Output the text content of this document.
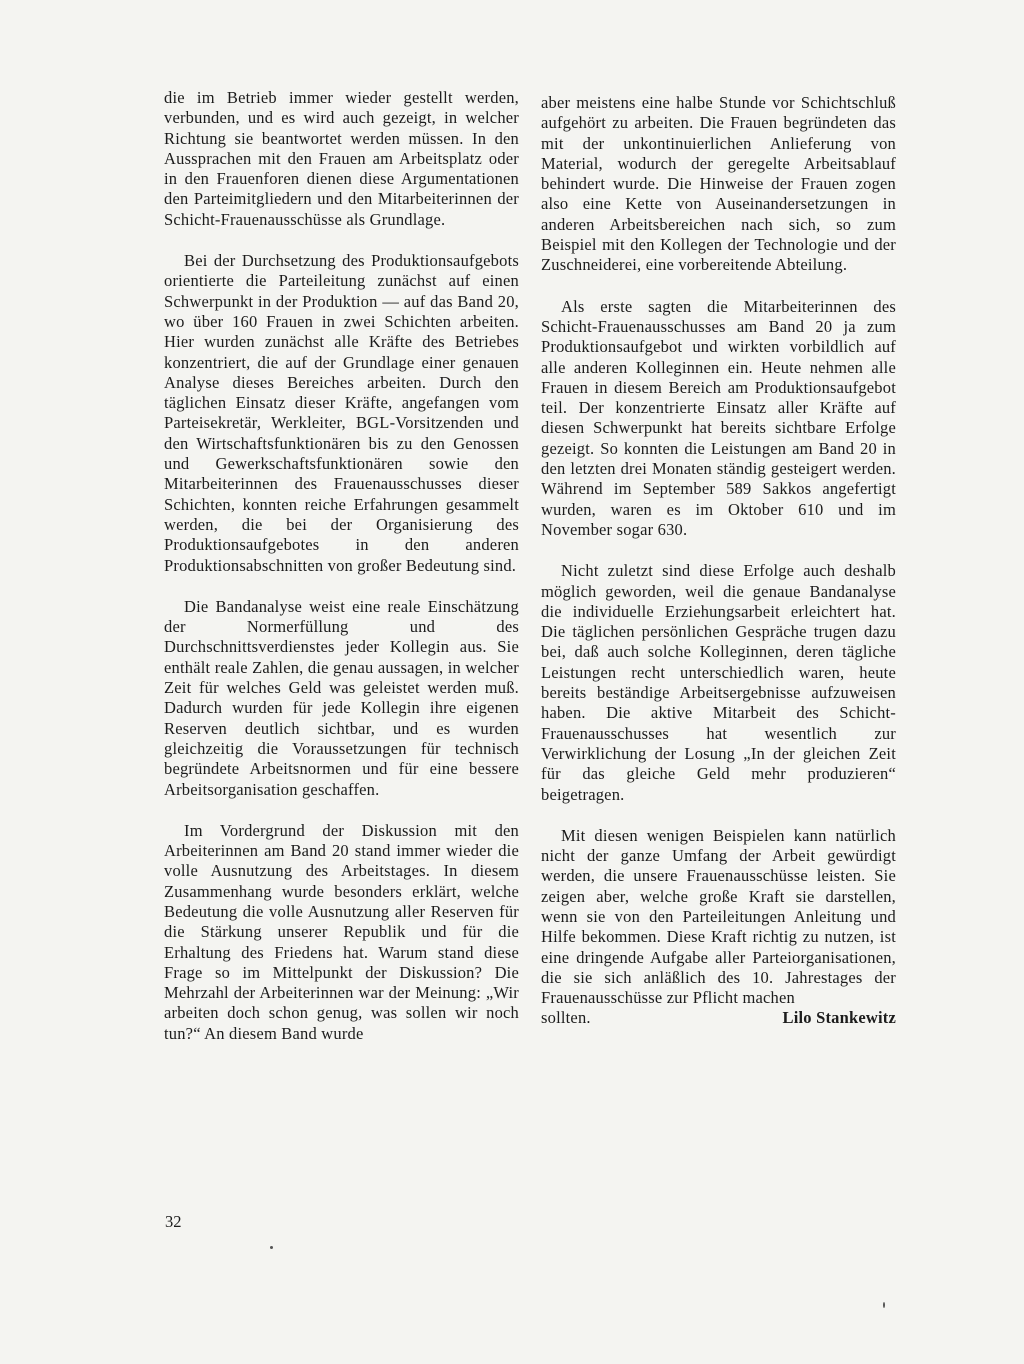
die im Betrieb immer wieder gestellt werden, verbunden, und es wird auch gezeigt, in welcher Richtung sie beantwortet werden müssen. In den Aussprachen mit den Frauen am Arbeitsplatz oder in den Frauenforen dienen diese Argumentationen den Parteimitgliedern und den Mitarbeiterinnen der Schicht-Frauenausschüsse als Grundlage.

Bei der Durchsetzung des Produktionsaufgebots orientierte die Parteileitung zunächst auf einen Schwerpunkt in der Produktion — auf das Band 20, wo über 160 Frauen in zwei Schichten arbeiten. Hier wurden zunächst alle Kräfte des Betriebes konzentriert, die auf der Grundlage einer genauen Analyse dieses Bereiches arbeiten. Durch den täglichen Einsatz dieser Kräfte, angefangen vom Parteisekretär, Werkleiter, BGL-Vorsitzenden und den Wirtschaftsfunktionären bis zu den Genossen und Gewerkschaftsfunktionären sowie den Mitarbeiterinnen des Frauenausschusses dieser Schichten, konnten reiche Erfahrungen gesammelt werden, die bei der Organisierung des Produktionsaufgebotes in den anderen Produktionsabschnitten von großer Bedeutung sind.

Die Bandanalyse weist eine reale Einschätzung der Normerfüllung und des Durchschnittsverdienstes jeder Kollegin aus. Sie enthält reale Zahlen, die genau aussagen, in welcher Zeit für welches Geld was geleistet werden muß. Dadurch wurden für jede Kollegin ihre eigenen Reserven deutlich sichtbar, und es wurden gleichzeitig die Voraussetzungen für technisch begründete Arbeitsnormen und für eine bessere Arbeitsorganisation geschaffen.

Im Vordergrund der Diskussion mit den Arbeiterinnen am Band 20 stand immer wieder die volle Ausnutzung des Arbeitstages. In diesem Zusammenhang wurde besonders erklärt, welche Bedeutung die volle Ausnutzung aller Reserven für die Stärkung unserer Republik und für die Erhaltung des Friedens hat. Warum stand diese Frage so im Mittelpunkt der Diskussion? Die Mehrzahl der Arbeiterinnen war der Meinung: „Wir arbeiten doch schon genug, was sollen wir noch tun?“ An diesem Band wurde

aber meistens eine halbe Stunde vor Schichtschluß aufgehört zu arbeiten. Die Frauen begründeten das mit der unkontinuierlichen Anlieferung von Material, wodurch der geregelte Arbeitsablauf behindert wurde. Die Hinweise der Frauen zogen also eine Kette von Auseinandersetzungen in anderen Arbeitsbereichen nach sich, so zum Beispiel mit den Kollegen der Technologie und der Zuschneiderei, eine vorbereitende Abteilung.

Als erste sagten die Mitarbeiterinnen des Schicht-Frauenausschusses am Band 20 ja zum Produktionsaufgebot und wirkten vorbildlich auf alle anderen Kolleginnen ein. Heute nehmen alle Frauen in diesem Bereich am Produktionsaufgebot teil. Der konzentrierte Einsatz aller Kräfte auf diesen Schwerpunkt hat bereits sichtbare Erfolge gezeigt. So konnten die Leistungen am Band 20 in den letzten drei Monaten ständig gesteigert werden. Während im September 589 Sakkos angefertigt wurden, waren es im Oktober 610 und im November sogar 630.

Nicht zuletzt sind diese Erfolge auch deshalb möglich geworden, weil die genaue Bandanalyse die individuelle Erziehungsarbeit erleichtert hat. Die täglichen persönlichen Gespräche trugen dazu bei, daß auch solche Kolleginnen, deren tägliche Leistungen recht unterschiedlich waren, heute bereits beständige Arbeitsergebnisse aufzuweisen haben. Die aktive Mitarbeit des Schicht-Frauenausschusses hat wesentlich zur Verwirklichung der Losung „In der gleichen Zeit für das gleiche Geld mehr produzieren“ beigetragen.

Mit diesen wenigen Beispielen kann natürlich nicht der ganze Umfang der Arbeit gewürdigt werden, die unsere Frauenausschüsse leisten. Sie zeigen aber, welche große Kraft sie darstellen, wenn sie von den Parteileitungen Anleitung und Hilfe bekommen. Diese Kraft richtig zu nutzen, ist eine dringende Aufgabe aller Parteiorganisationen, die sie sich anläßlich des 10. Jahrestages der Frauenausschüsse zur Pflicht machen

sollten.	Lilo Stankewitz
32
